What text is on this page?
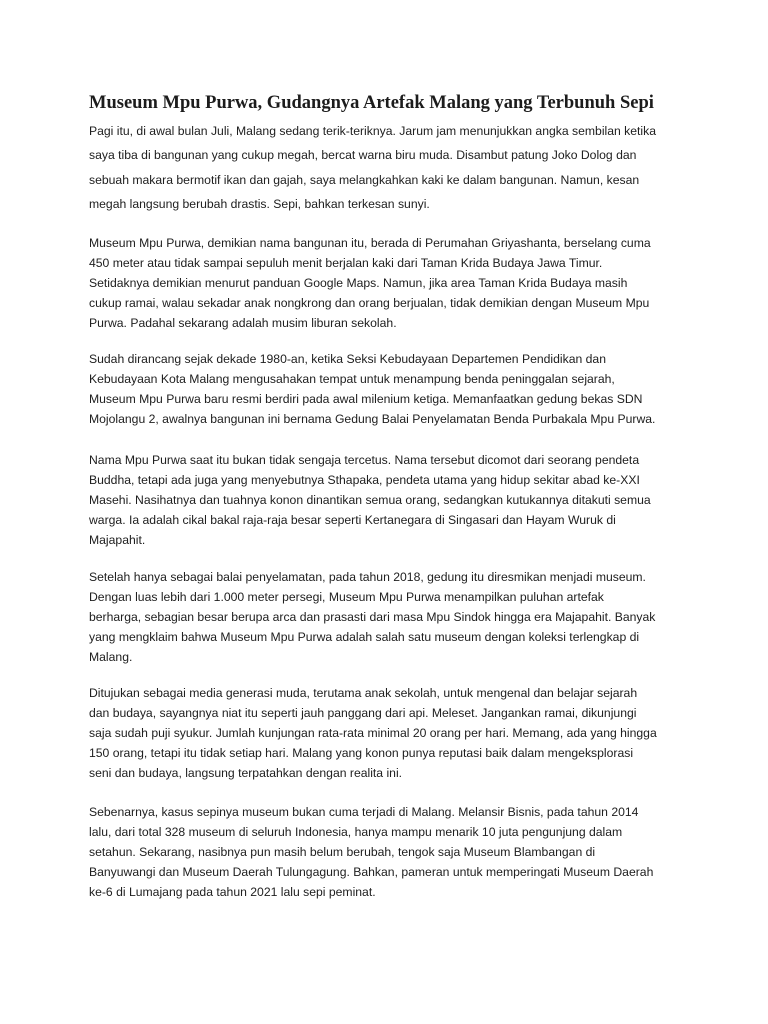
Museum Mpu Purwa, Gudangnya Artefak Malang yang Terbunuh Sepi
Pagi itu, di awal bulan Juli, Malang sedang terik-teriknya. Jarum jam menunjukkan angka sembilan ketika
saya tiba di bangunan yang cukup megah, bercat warna biru muda. Disambut patung Joko Dolog dan
sebuah makara bermotif ikan dan gajah, saya melangkahkan kaki ke dalam bangunan. Namun, kesan
megah langsung berubah drastis. Sepi, bahkan terkesan sunyi.
Museum Mpu Purwa, demikian nama bangunan itu, berada di Perumahan Griyashanta, berselang cuma
450 meter atau tidak sampai sepuluh menit berjalan kaki dari Taman Krida Budaya Jawa Timur.
Setidaknya demikian menurut panduan Google Maps. Namun, jika area Taman Krida Budaya masih
cukup ramai, walau sekadar anak nongkrong dan orang berjualan, tidak demikian dengan Museum Mpu
Purwa. Padahal sekarang adalah musim liburan sekolah.
Sudah dirancang sejak dekade 1980-an, ketika Seksi Kebudayaan Departemen Pendidikan dan
Kebudayaan Kota Malang mengusahakan tempat untuk menampung benda peninggalan sejarah,
Museum Mpu Purwa baru resmi berdiri pada awal milenium ketiga. Memanfaatkan gedung bekas SDN
Mojolangu 2, awalnya bangunan ini bernama Gedung Balai Penyelamatan Benda Purbakala Mpu Purwa.
Nama Mpu Purwa saat itu bukan tidak sengaja tercetus. Nama tersebut dicomot dari seorang pendeta
Buddha, tetapi ada juga yang menyebutnya Sthapaka, pendeta utama yang hidup sekitar abad ke-XXI
Masehi. Nasihatnya dan tuahnya konon dinantikan semua orang, sedangkan kutukannya ditakuti semua
warga. Ia adalah cikal bakal raja-raja besar seperti Kertanegara di Singasari dan Hayam Wuruk di
Majapahit.
Setelah hanya sebagai balai penyelamatan, pada tahun 2018, gedung itu diresmikan menjadi museum.
Dengan luas lebih dari 1.000 meter persegi, Museum Mpu Purwa menampilkan puluhan artefak
berharga, sebagian besar berupa arca dan prasasti dari masa Mpu Sindok hingga era Majapahit. Banyak
yang mengklaim bahwa Museum Mpu Purwa adalah salah satu museum dengan koleksi terlengkap di
Malang.
Ditujukan sebagai media generasi muda, terutama anak sekolah, untuk mengenal dan belajar sejarah
dan budaya, sayangnya niat itu seperti jauh panggang dari api. Meleset. Jangankan ramai, dikunjungi
saja sudah puji syukur. Jumlah kunjungan rata-rata minimal 20 orang per hari. Memang, ada yang hingga
150 orang, tetapi itu tidak setiap hari. Malang yang konon punya reputasi baik dalam mengeksplorasi
seni dan budaya, langsung terpatahkan dengan realita ini.
Sebenarnya, kasus sepinya museum bukan cuma terjadi di Malang. Melansir Bisnis, pada tahun 2014
lalu, dari total 328 museum di seluruh Indonesia, hanya mampu menarik 10 juta pengunjung dalam
setahun. Sekarang, nasibnya pun masih belum berubah, tengok saja Museum Blambangan di
Banyuwangi dan Museum Daerah Tulungagung. Bahkan, pameran untuk memperingati Museum Daerah
ke-6 di Lumajang pada tahun 2021 lalu sepi peminat.
